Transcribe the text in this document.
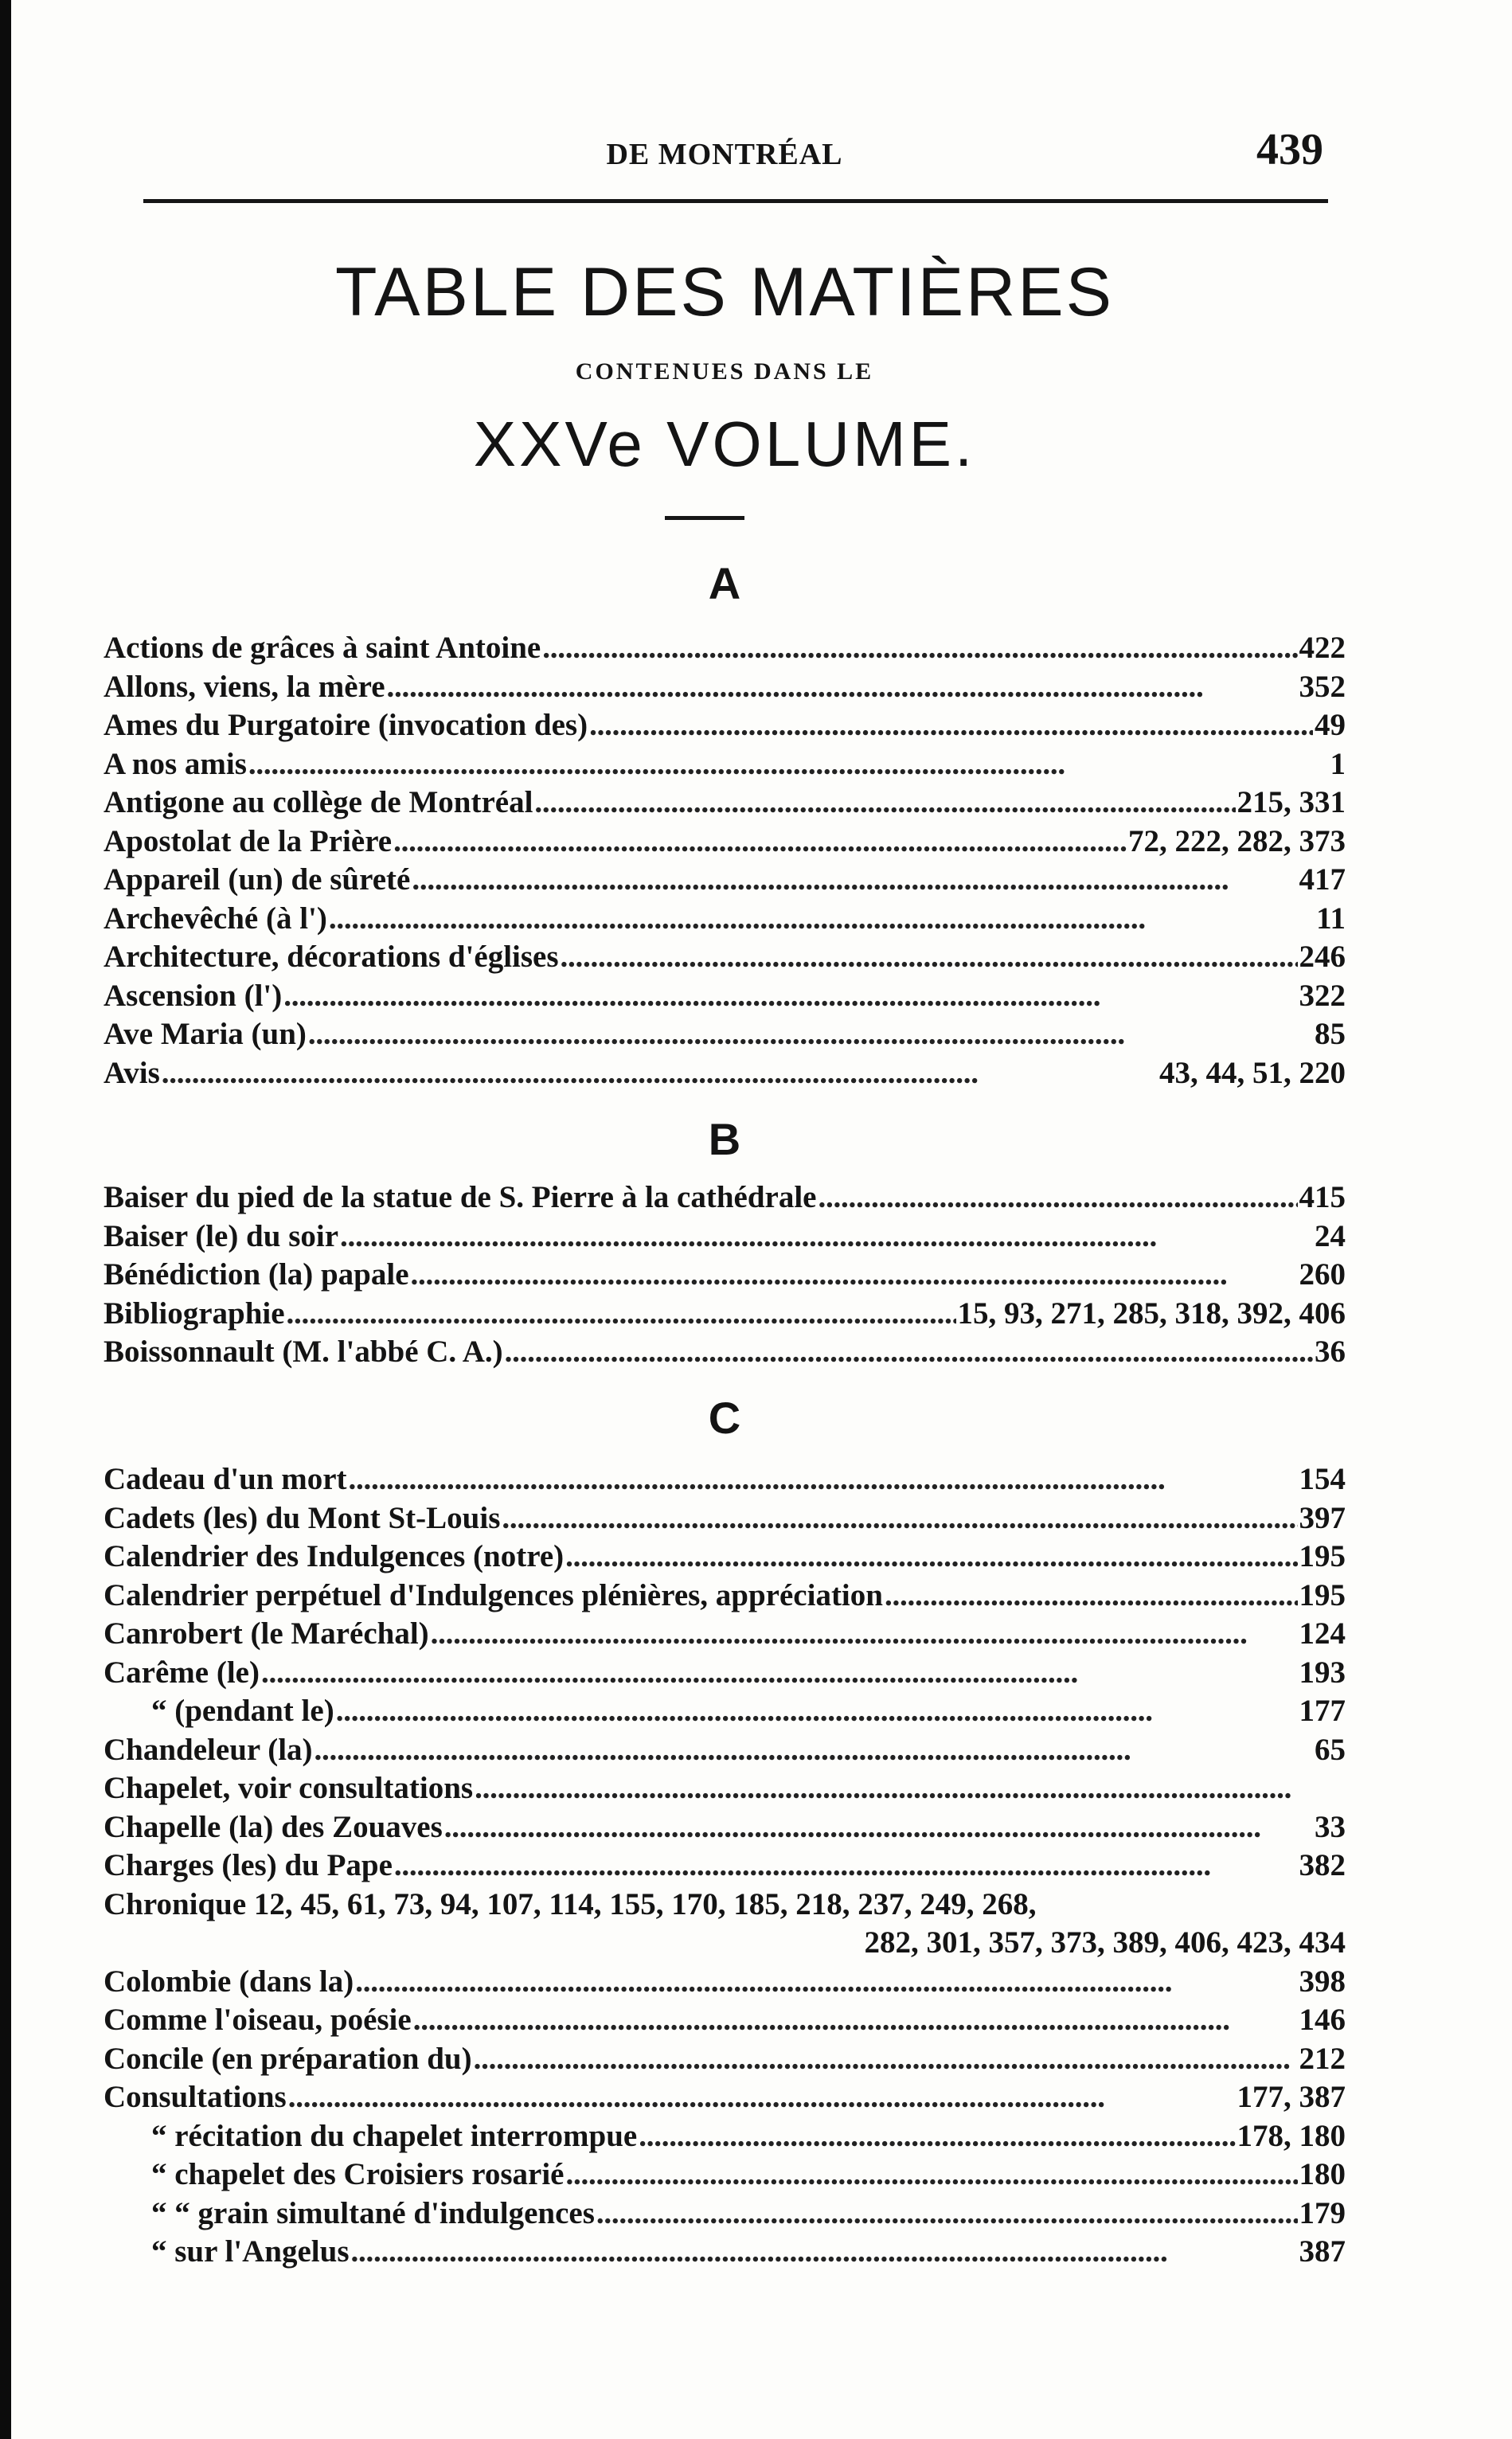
DE MONTRÉAL	439
TABLE DES MATIÈRES
CONTENUES DANS LE
XXVe VOLUME.
A
Actions de grâces à saint Antoine . . .	422
Allons, viens, la mère . . .	352
Ames du Purgatoire (invocation des) . . .	49
A nos amis . . .	1
Antigone au collège de Montréal . . .	215, 331
Apostolat de la Prière . . .	72, 222, 282, 373
Appareil (un) de sûreté . . .	417
Archevêché (à l') . . .	11
Architecture, décorations d'églises . . .	246
Ascension (l') . . .	322
Ave Maria (un) . . .	85
Avis . . .	43, 44, 51, 220
B
Baiser du pied de la statue de S. Pierre à la cathédrale . . .	415
Baiser (le) du soir . . .	24
Bénédiction (la) papale . . .	260
Bibliographie . . .	15, 93, 271, 285, 318, 392, 406
Boissonnault (M. l'abbé C. A.) . . .	36
C
Cadeau d'un mort . . .	154
Cadets (les) du Mont St-Louis . . .	397
Calendrier des Indulgences (notre) . . .	195
Calendrier perpétuel d'Indulgences plénières, appréciation . . .	195
Canrobert (le Maréchal) . . .	124
Carême (le) . . .	193
“ (pendant le) . . .	177
Chandeleur (la) . . .	65
Chapelet, voir consultations
. . .
Chapelle (la) des Zouaves . . .	33
Charges (les) du Pape . . .	382
Chronique 12, 45, 61, 73, 94, 107, 114, 155, 170, 185, 218, 237, 249, 268,
282, 301, 357, 373, 389, 406, 423, 434
Colombie (dans la) . . .	398
Comme l'oiseau, poésie . . .	146
Concile (en préparation du) . . .	212
Consultations . . .	177, 387
“ récitation du chapelet interrompue . . .	178, 180
“ chapelet des Croisiers rosarié . . .	180
“ “ grain simultané d'indulgences . . .	179
“ sur l'Angelus . . .	387
